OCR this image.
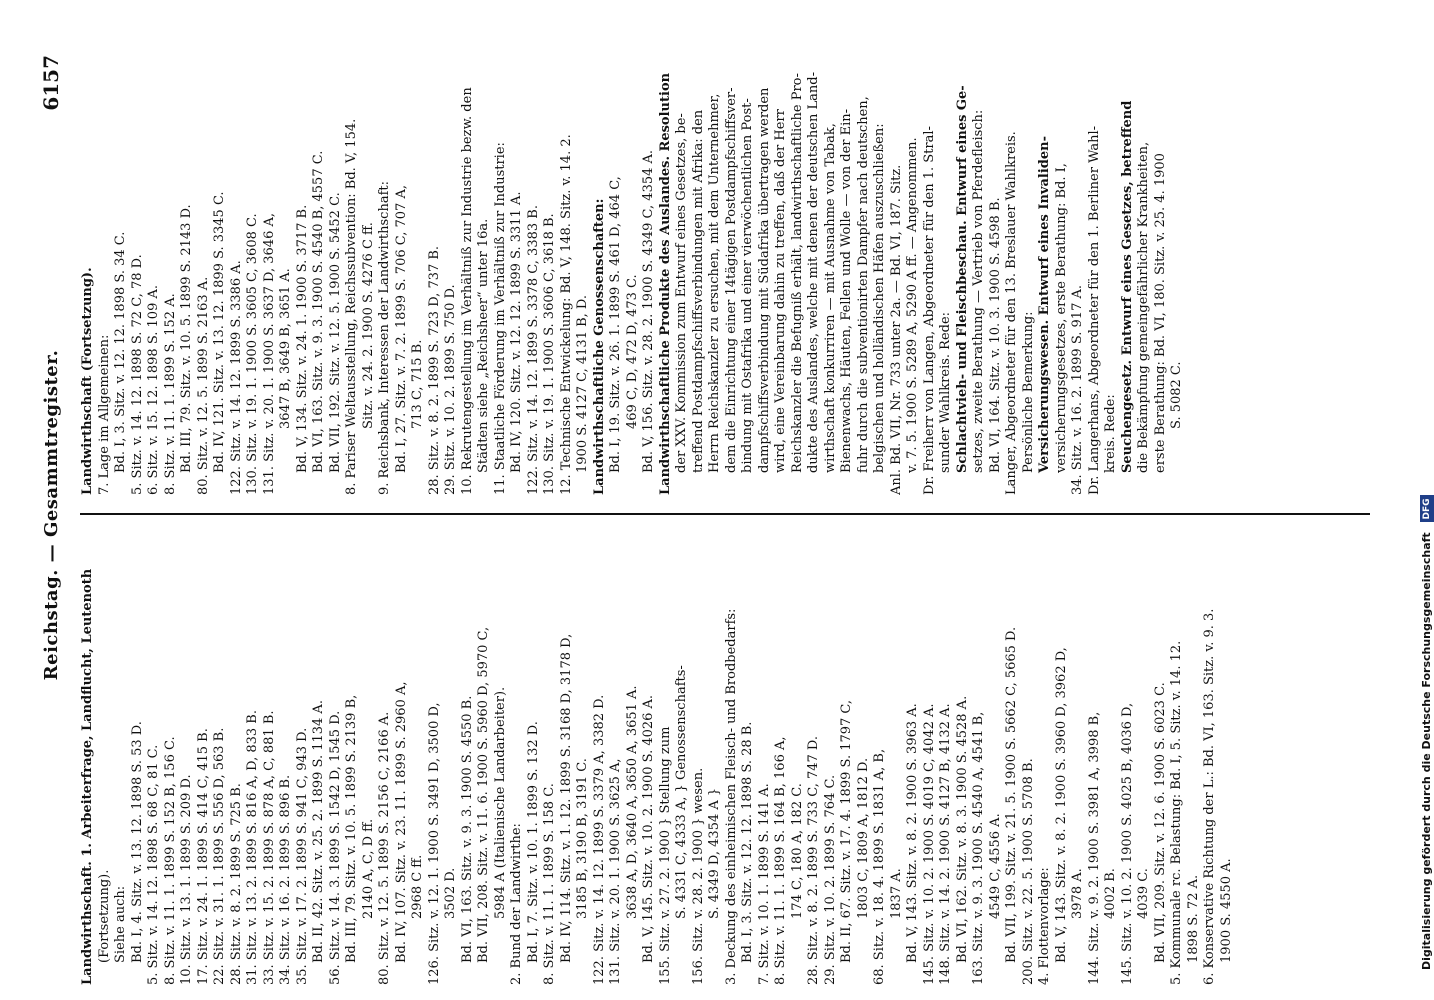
Reichstag. — Gesammtregister.
6157
Landwirthschaft. 1. Arbeiterfrage, Landflucht, Leutenoth (Fortsetzung). Siehe auch: Bd. I, 4. Sitz. v. 13. 12. 1898 S. 53 D. 5. Sitz. v. 14. 12. 1898 S. 68 C, 81 C. 8. Sitz. v. 11. 1. 1899 S. 152 B, 156 C. 10. Sitz. v. 13. 1. 1899 S. 209 D. 17. Sitz. v. 24. 1. 1899 S. 414 C, 415 B. 22. Sitz. v. 31. 1. 1899 S. 556 D, 563 B. 28. Sitz. v. 8. 2. 1899 S. 725 B. 31. Sitz. v. 13. 2. 1899 S. 816 A, D, 833 B. 33. Sitz. v. 15. 2. 1899 S. 878 A, C, 881 B. 34. Sitz. v. 16. 2. 1899 S. 896 B. 35. Sitz. v. 17. 2. 1899 S. 941 C, 943 D. Bd. II, 42. Sitz. v. 25. 2. 1899 S. 1134 A. 56. Sitz. v. 14. 3. 1899 S. 1542 D, 1545 D. Bd. III, 79. Sitz. v. 10. 5. 1899 S. 2139 B, 2140 A, C, D ff. 80. Sitz. v. 12. 5. 1899 S. 2156 C, 2166 A. Bd. IV, 107. Sitz. v. 23. 11. 1899 S. 2960 A, 2968 C ff. 126. Sitz. v. 12. 1. 1900 S. 3491 D, 3500 D, 3502 D. Bd. VI, 163. Sitz. v. 9. 3. 1900 S. 4550 B. Bd. VII, 208. Sitz. v. 11. 6. 1900 S. 5960 D, 5970 C, 5984 A (Italienische Landarbeiter). 2. Bund der Landwirthe: Bd. I, 7. Sitz. v. 10. 1. 1899 S. 132 D. 8. Sitz. v. 11. 1. 1899 S. 158 C. Bd. IV, 114. Sitz. v. 1. 12. 1899 S. 3168 D, 3178 D, 3185 B, 3190 B, 3191 C. 122. Sitz. v. 14. 12. 1899 S. 3379 A, 3382 D. 131. Sitz. v. 20. 1. 1900 S. 3625 A, 3638 A, D, 3640 A, 3650 A, 3651 A. Bd. V, 145. Sitz. v. 10. 2. 1900 S. 4026 A. 155. Sitz. v. 27. 2. 1900 } Stellung zum S. 4331 C, 4333 A, } Genossenschafts- 156. Sitz. v. 28. 2. 1900 } wesen. S. 4349 D, 4354 A } 3. Deckung des einheimischen Fleisch- und Brodbedarfs: Bd. I, 3. Sitz. v. 12. 12. 1898 S. 28 B. 7. Sitz. v. 10. 1. 1899 S. 141 A. 8. Sitz. v. 11. 1. 1899 S. 164 B, 166 A, 174 C, 180 A, 182 C. 28. Sitz. v. 8. 2. 1899 S. 733 C, 747 D. 29. Sitz. v. 10. 2. 1899 S. 764 C. Bd. II, 67. Sitz. v. 17. 4. 1899 S. 1797 C, 1803 C, 1809 A, 1812 D. 68. Sitz. v. 18. 4. 1899 S. 1831 A, B, 1837 A. Bd. V, 143. Sitz. v. 8. 2. 1900 S. 3963 A. 145. Sitz. v. 10. 2. 1900 S. 4019 C, 4042 A. 148. Sitz. v. 14. 2. 1900 S. 4127 B, 4132 A. Bd. VI, 162. Sitz. v. 8. 3. 1900 S. 4528 A. 163. Sitz. v. 9. 3. 1900 S. 4540 A, 4541 B, 4549 C, 4556 A. Bd. VII, 199. Sitz. v. 21. 5. 1900 S. 5662 C, 5665 D. 200. Sitz. v. 22. 5. 1900 S. 5708 B. 4. Flottenvorlage: Bd. V, 143. Sitz. v. 8. 2. 1900 S. 3960 D, 3962 D, 3978 A. 144. Sitz. v. 9. 2. 1900 S. 3981 A, 3998 B, 4002 B. 145. Sitz. v. 10. 2. 1900 S. 4025 B, 4036 D, 4039 C. Bd. VII, 209. Sitz. v. 12. 6. 1900 S. 6023 C. 5. Kommunale rc. Belastung: Bd. I, 5. Sitz. v. 14. 12. 1898 S. 72 A. 6. Konservative Richtung der L.: Bd. VI, 163. Sitz. v. 9. 3. 1900 S. 4550 A.
Landwirthschaft (Fortsetzung). 7. Lage im Allgemeinen: Bd. I, 3. Sitz. v. 12. 12. 1898 S. 34 C. 5. Sitz. v. 14. 12. 1898 S. 72 C, 78 D. 6. Sitz. v. 15. 12. 1898 S. 109 A. 8. Sitz. v. 11. 1. 1899 S. 152 A. Bd. III, 79. Sitz. v. 10. 5. 1899 S. 2143 D. 80. Sitz. v. 12. 5. 1899 S. 2163 A. Bd. IV, 121. Sitz. v. 13. 12. 1899 S. 3345 C. 122. Sitz. v. 14. 12. 1899 S. 3386 A. 130. Sitz. v. 19. 1. 1900 S. 3605 C, 3608 C. 131. Sitz. v. 20. 1. 1900 S. 3637 D, 3646 A, 3647 B, 3649 B, 3651 A. Bd. V, 134. Sitz. v. 24. 1. 1900 S. 3717 B. Bd. VI, 163. Sitz. v. 9. 3. 1900 S. 4540 B, 4557 C. Bd. VII, 192. Sitz. v. 12. 5. 1900 S. 5452 C. 8. Pariser Weltausstellung, Reichssubvention: Bd. V, 154. Sitz. v. 24. 2. 1900 S. 4276 C ff. 9. Reichsbank, Interessen der Landwirthschaft: Bd. I, 27. Sitz. v. 7. 2. 1899 S. 706 C, 707 A, 713 C, 715 B. 28. Sitz. v. 8. 2. 1899 S. 723 D, 737 B. 29. Sitz. v. 10. 2. 1899 S. 750 D. 10. Rekrutengestellung im Verhältniß zur Industrie bezw. den Städten siehe „Reichsheer“ unter 16a. 11. Staatliche Förderung im Verhältniß zur Industrie: Bd. IV, 120. Sitz. v. 12. 12. 1899 S. 3311 A. 122. Sitz. v. 14. 12. 1899 S. 3378 C, 3383 B. 130. Sitz. v. 19. 1. 1900 S. 3606 C, 3618 B. 12. Technische Entwickelung: Bd. V, 148. Sitz. v. 14. 2. 1900 S. 4127 C, 4131 B, D. Landwirthschaftliche Genossenschaften: Bd. I, 19. Sitz. v. 26. 1. 1899 S. 461 D, 464 C, 469 C, D, 472 D, 473 C. Bd. V, 156. Sitz. v. 28. 2. 1900 S. 4349 C, 4354 A. Landwirthschaftliche Produkte des Auslandes. Resolution der XXV. Kommission zum Entwurf eines Gesetzes, be- treffend Postdampfschiffsverbindungen mit Afrika: den Herrn Reichskanzler zu ersuchen, mit dem Unternehmer, dem die Einrichtung einer 14tägigen Postdampfschiffsver- bindung mit Ostafrika und einer vierwöchentlichen Post- dampfschiffsverbindung mit Südafrika übertragen werden wird, eine Vereinbarung dahin zu treffen, daß der Herr Reichskanzler die Befugniß erhält, landwirthschaftliche Pro- dukte des Auslandes, welche mit denen der deutschen Land- wirthschaft konkurriren — mit Ausnahme von Tabak, Bienenwachs, Häuten, Fellen und Wolle — von der Ein- fuhr durch die subventionirten Dampfer nach deutschen, belgischen und holländischen Häfen auszuschließen: Anl. Bd. VII, Nr. 733 unter 2a. — Bd. VI, 187. Sitz. v. 7. 5. 1900 S. 5289 A, 5290 A ff. — Angenommen. Dr. Freiherr von Langen, Abgeordneter für den 1. Stral- sunder Wahlkreis. Rede: Schlachtvieh- und Fleischbeschau. Entwurf eines Ge- setzes, zweite Berathung — Vertrieb von Pferdefleisch: Bd. VI, 164. Sitz. v. 10. 3. 1900 S. 4598 B. Langer, Abgeordneter für den 13. Breslauer Wahlkreis. Persönliche Bemerkung: Versicherungswesen. Entwurf eines Invaliden- versicherungsgesetzes, erste Berathung: Bd. I, 34. Sitz. v. 16. 2. 1899 S. 917 A. Dr. Langerhans, Abgeordneter für den 1. Berliner Wahl- kreis. Rede: Seuchengesetz. Entwurf eines Gesetzes, betreffend die Bekämpfung gemeingefährlicher Krankheiten, erste Berathung: Bd. VI, 180. Sitz. v. 25. 4. 1900 S. 5082 C.
Digitalisierung gefördert durch die Deutsche Forschungsgemeinschaft DFG
